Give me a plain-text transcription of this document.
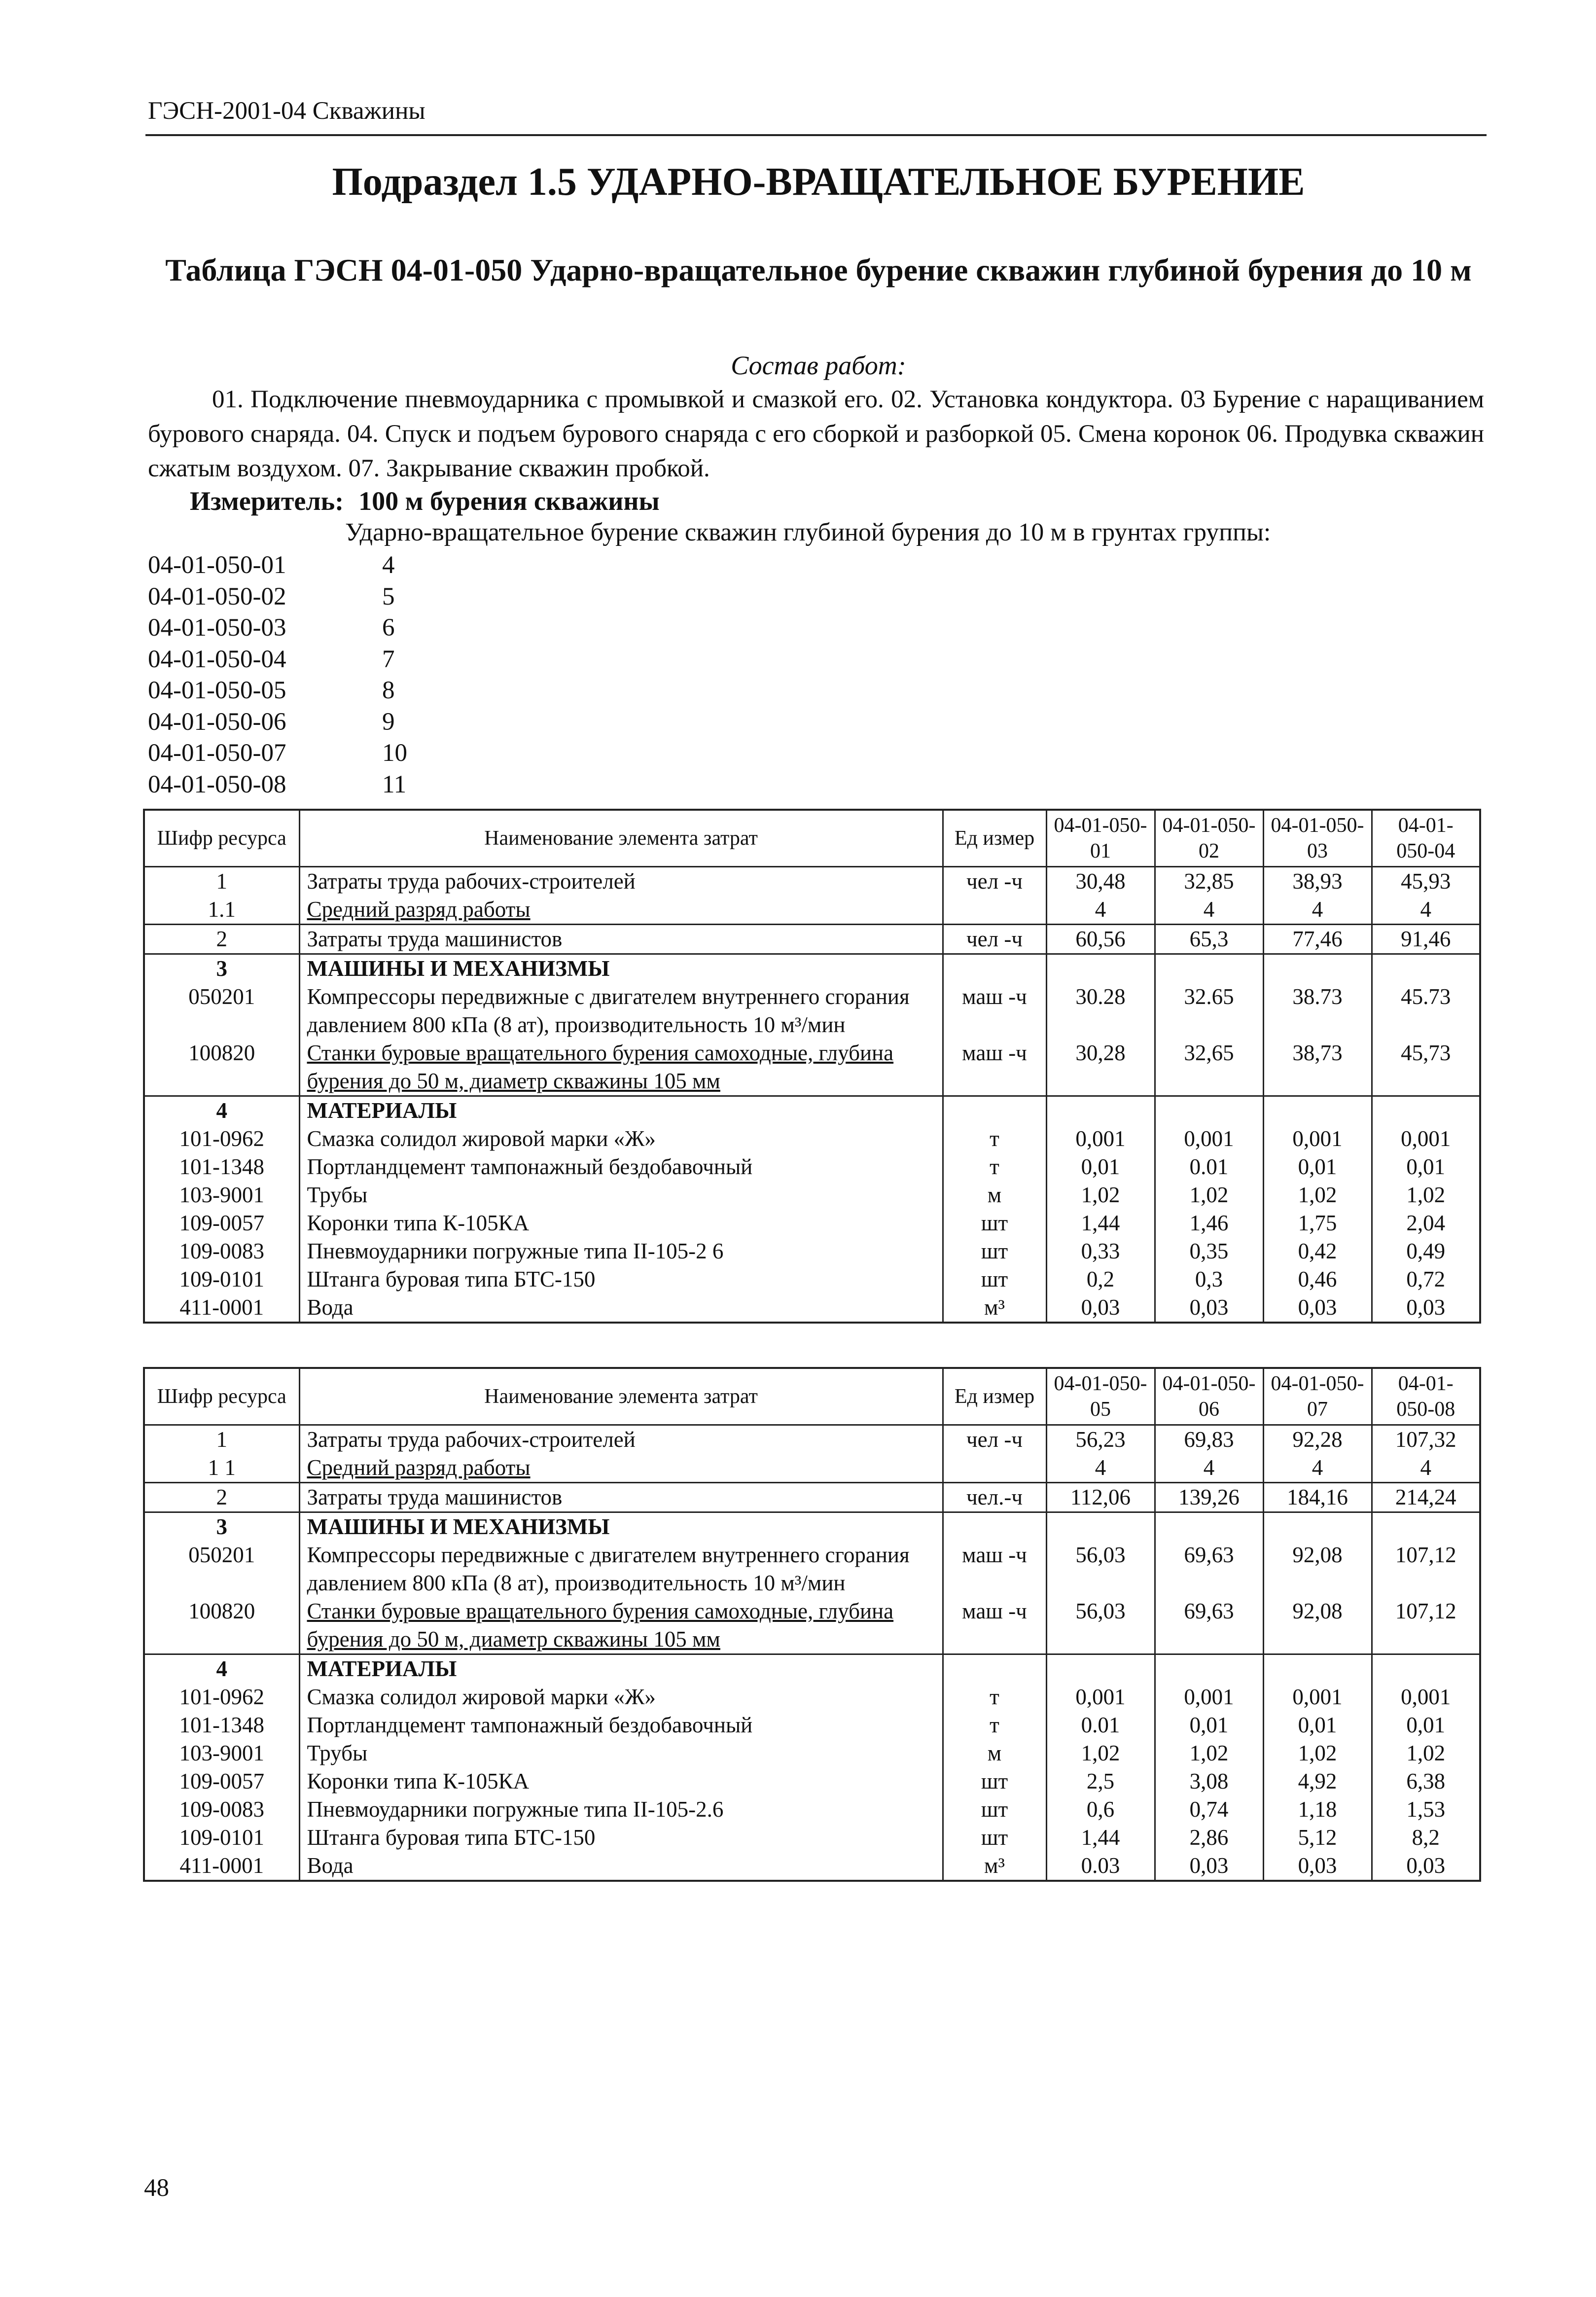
ГЭСН-2001-04 Скважины
Подраздел 1.5 УДАРНО-ВРАЩАТЕЛЬНОЕ БУРЕНИЕ
Таблица ГЭСН 04-01-050 Ударно-вращательное бурение скважин глубиной бурения до 10 м
Состав работ:
01. Подключение пневмоударника с промывкой и смазкой его. 02. Установка кондуктора. 03 Бурение с наращиванием бурового снаряда. 04. Спуск и подъем бурового снаряда с его сборкой и разборкой 05. Смена коронок 06. Продувка скважин сжатым воздухом. 07. Закрывание скважин пробкой.
Измеритель: 100 м бурения скважины
Ударно-вращательное бурение скважин глубиной бурения до 10 м в грунтах группы:
04-01-050-01	4
04-01-050-02	5
04-01-050-03	6
04-01-050-04	7
04-01-050-05	8
04-01-050-06	9
04-01-050-07	10
04-01-050-08	11
Шифр ресурса	Наименование элемента затрат	Ед измер	04-01-050-01	04-01-050-02	04-01-050-03	04-01-050-04
1	Затраты труда рабочих-строителей	чел -ч	30,48	32,85	38,93	45,93
1.1	Средний разряд работы		4	4	4	4
2	Затраты труда машинистов	чел -ч	60,56	65,3	77,46	91,46
3	МАШИНЫ И МЕХАНИЗМЫ					
050201	Компрессоры передвижные с двигателем внутреннего сгорания давлением 800 кПа (8 ат), производительность 10 м³/мин	маш -ч	30.28	32.65	38.73	45.73
100820	Станки буровые вращательного бурения самоходные, глубина бурения до 50 м, диаметр скважины 105 мм	маш -ч	30,28	32,65	38,73	45,73
4	МАТЕРИАЛЫ					
101-0962	Смазка солидол жировой марки «Ж»	т	0,001	0,001	0,001	0,001
101-1348	Портландцемент тампонажный бездобавочный	т	0,01	0.01	0,01	0,01
103-9001	Трубы	м	1,02	1,02	1,02	1,02
109-0057	Коронки типа К-105КА	шт	1,44	1,46	1,75	2,04
109-0083	Пневмоударники погружные типа II-105-2 6	шт	0,33	0,35	0,42	0,49
109-0101	Штанга буровая типа БТС-150	шт	0,2	0,3	0,46	0,72
411-0001	Вода	м³	0,03	0,03	0,03	0,03
Шифр ресурса	Наименование элемента затрат	Ед измер	04-01-050-05	04-01-050-06	04-01-050-07	04-01-050-08
1	Затраты труда рабочих-строителей	чел -ч	56,23	69,83	92,28	107,32
1 1	Средний разряд работы		4	4	4	4
2	Затраты труда машинистов	чел.-ч	112,06	139,26	184,16	214,24
3	МАШИНЫ И МЕХАНИЗМЫ					
050201	Компрессоры передвижные с двигателем внутреннего сгорания давлением 800 кПа (8 ат), производительность 10 м³/мин	маш -ч	56,03	69,63	92,08	107,12
100820	Станки буровые вращательного бурения самоходные, глубина бурения до 50 м, диаметр скважины 105 мм	маш -ч	56,03	69,63	92,08	107,12
4	МАТЕРИАЛЫ					
101-0962	Смазка солидол жировой марки «Ж»	т	0,001	0,001	0,001	0,001
101-1348	Портландцемент тампонажный бездобавочный	т	0.01	0,01	0,01	0,01
103-9001	Трубы	м	1,02	1,02	1,02	1,02
109-0057	Коронки типа К-105КА	шт	2,5	3,08	4,92	6,38
109-0083	Пневмоударники погружные типа II-105-2.6	шт	0,6	0,74	1,18	1,53
109-0101	Штанга буровая типа БТС-150	шт	1,44	2,86	5,12	8,2
411-0001	Вода	м³	0.03	0,03	0,03	0,03
48
